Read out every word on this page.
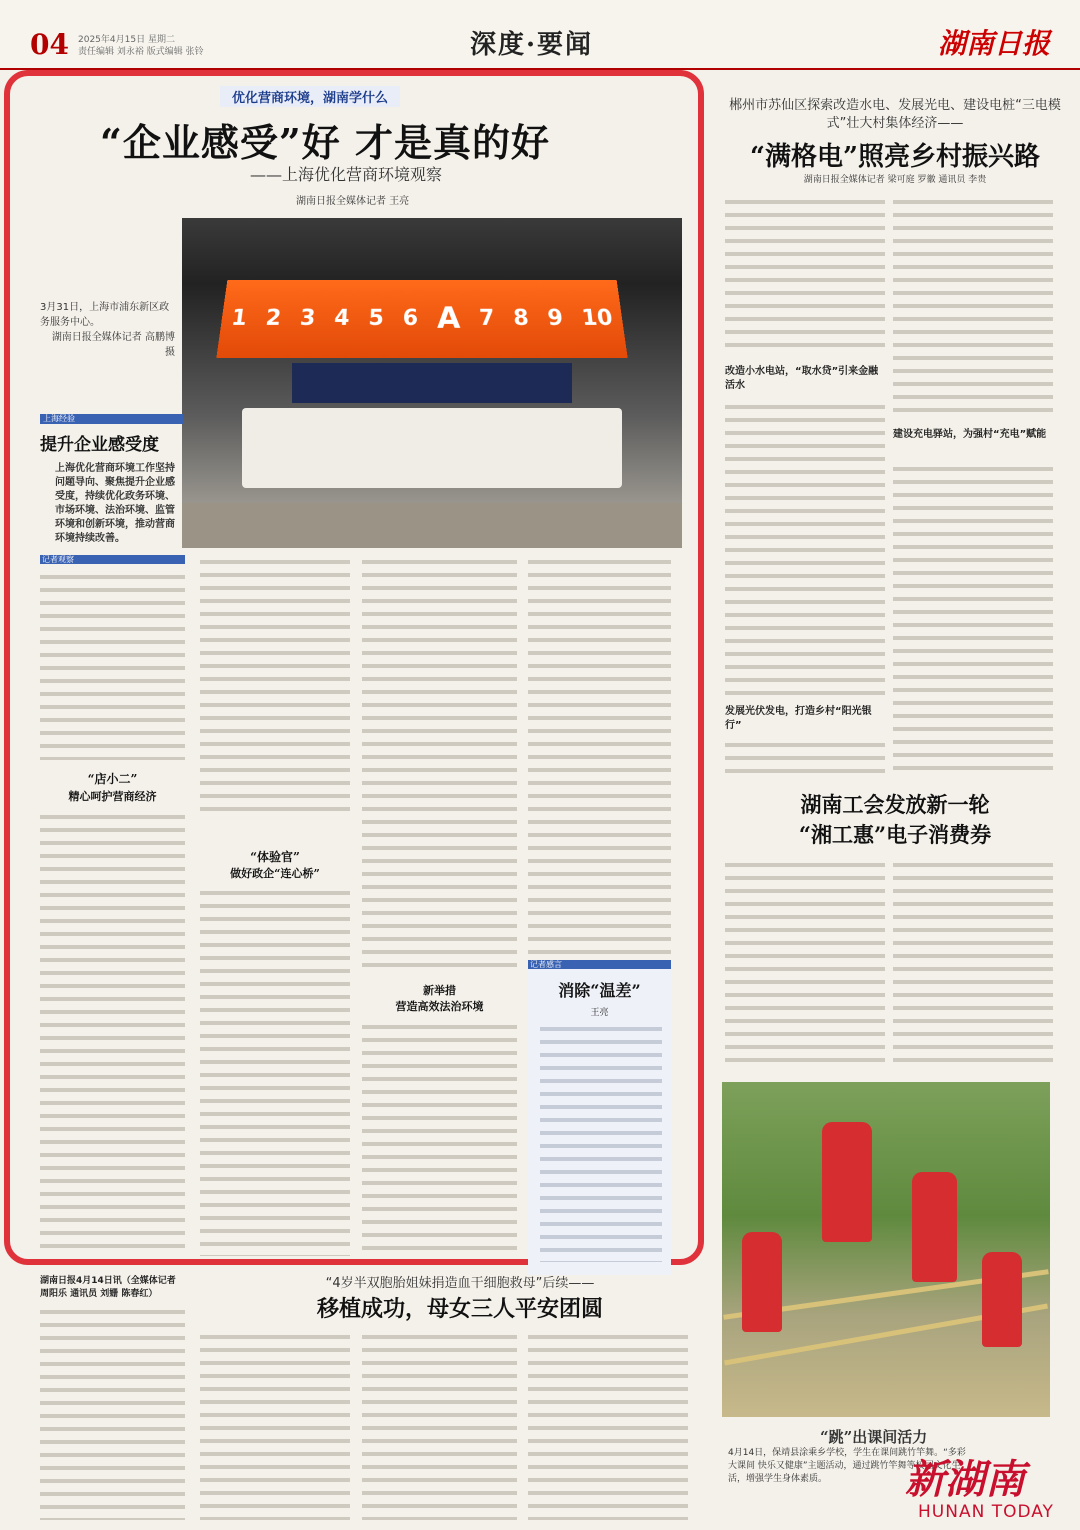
04 2025年4月15日 星期二
责任编辑 刘永裕 版式编辑 张铃	深度·要闻	湖南日报
优化营商环境，湖南学什么
“企业感受”好 才是真的好
——上海优化营商环境观察
湖南日报全媒体记者 王亮
1 2 3 4 5 6 A 7 8 9 10
3月31日，上海市浦东新区政务服务中心。
湖南日报全媒体记者 高鹏博 摄
上海经验
提升企业感受度
上海优化营商环境工作坚持问题导向、聚焦提升企业感受度，持续优化政务环境、市场环境、法治环境、监管环境和创新环境，推动营商环境持续改善。
记者观察
“店小二”
精心呵护营商经济
“体验官”
做好政企“连心桥”
新举措
营造高效法治环境
记者感言
消除“温差”
王亮
郴州市苏仙区探索改造水电、发展光电、建设电桩“三电模式”壮大村集体经济——
“满格电”照亮乡村振兴路
湖南日报全媒体记者 梁可庭 罗徽 通讯员 李贵
改造小水电站，“取水贷”引来金融活水
发展光伏发电，打造乡村“阳光银行”
建设充电驿站，为强村“充电”赋能
湖南工会发放新一轮
“湘工惠”电子消费券
“跳”出课间活力
4月14日，保靖县涂乘乡学校，学生在课间跳竹竿舞。“多彩大课间 快乐又健康”主题活动，通过跳竹竿舞等校园文化生活，增强学生身体素质。
“4岁半双胞胎姐妹捐造血干细胞救母”后续——
移植成功，母女三人平安团圆
湖南日报4月14日讯（全媒体记者 周阳乐 通讯员 刘姗 陈春红）
新湖南
HUNAN TODAY
